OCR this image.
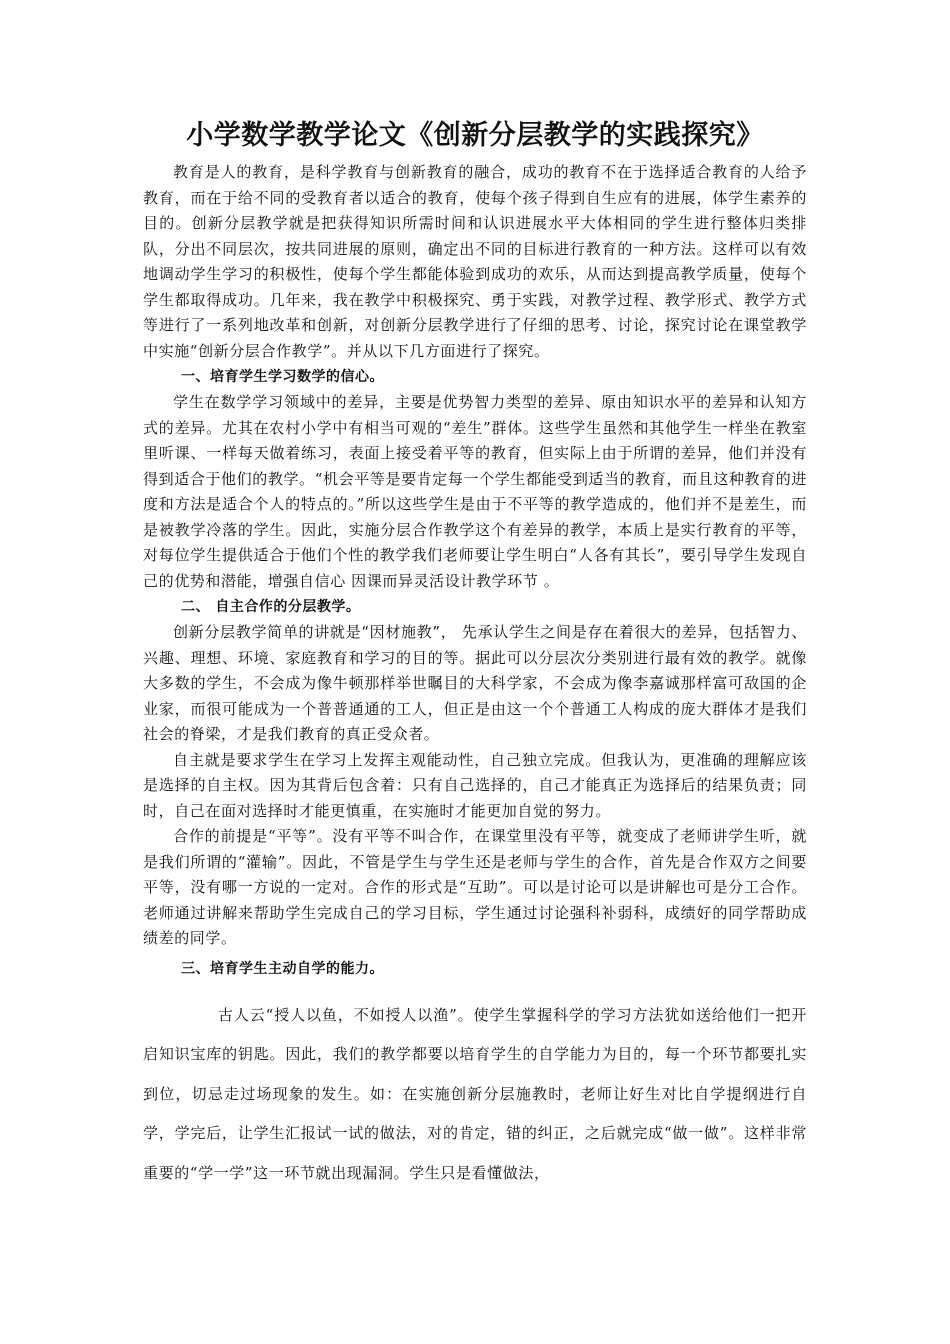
小学数学教学论文《创新分层教学的实践探究》

教育是人的教育，是科学教育与创新教育的融合，成功的教育不在于选择适合教育的人给予教育，而在于给不同的受教育者以适合的教育，使每个孩子得到自生应有的进展，体学生素养的目的。创新分层教学就是把获得知识所需时间和认识进展水平大体相同的学生进行整体归类排队，分出不同层次，按共同进展的原则，确定出不同的目标进行教育的一种方法。这样可以有效地调动学生学习的积极性，使每个学生都能体验到成功的欢乐，从而达到提高教学质量，使每个学生都取得成功。几年来，我在教学中积极探究、勇于实践，对教学过程、教学形式、教学方式等进行了一系列地改革和创新，对创新分层教学进行了仔细的思考、讨论，探究讨论在课堂教学中实施“创新分层合作教学”。并从以下几方面进行了探究。

一、培育学生学习数学的信心。

学生在数学学习领域中的差异，主要是优势智力类型的差异、原由知识水平的差异和认知方式的差异。尤其在农村小学中有相当可观的“差生”群体。这些学生虽然和其他学生一样坐在教室里听课、一样每天做着练习，表面上接受着平等的教育，但实际上由于所谓的差异，他们并没有得到适合于他们的教学。“机会平等是要肯定每一个学生都能受到适当的教育，而且这种教育的进度和方法是适合个人的特点的。”所以这些学生是由于不平等的教学造成的，他们并不是差生，而是被教学冷落的学生。因此，实施分层合作教学这个有差异的教学，本质上是实行教育的平等，对每位学生提供适合于他们个性的教学我们老师要让学生明白“人各有其长”，要引导学生发现自己的优势和潜能，增强自信心 因课而异灵活设计教学环节 。

二、 自主合作的分层教学。

创新分层教学简单的讲就是“因材施教”， 先承认学生之间是存在着很大的差异，包括智力、兴趣、理想、环境、家庭教育和学习的目的等。据此可以分层次分类别进行最有效的教学。就像大多数的学生，不会成为像牛顿那样举世瞩目的大科学家，不会成为像李嘉诚那样富可敌国的企业家，而很可能成为一个普普通通的工人，但正是由这一个个普通工人构成的庞大群体才是我们社会的脊梁，才是我们教育的真正受众者。

自主就是要求学生在学习上发挥主观能动性，自己独立完成。但我认为，更准确的理解应该是选择的自主权。因为其背后包含着：只有自己选择的，自己才能真正为选择后的结果负责；同时，自己在面对选择时才能更慎重，在实施时才能更加自觉的努力。

合作的前提是“平等”。没有平等不叫合作，在课堂里没有平等，就变成了老师讲学生听，就是我们所谓的“灌输”。因此，不管是学生与学生还是老师与学生的合作，首先是合作双方之间要平等，没有哪一方说的一定对。合作的形式是“互助”。可以是讨论可以是讲解也可是分工合作。老师通过讲解来帮助学生完成自己的学习目标，学生通过讨论强科补弱科，成绩好的同学帮助成绩差的同学。

三、培育学生主动自学的能力。

古人云“授人以鱼，不如授人以渔”。使学生掌握科学的学习方法犹如送给他们一把开启知识宝库的钥匙。因此，我们的教学都要以培育学生的自学能力为目的，每一个环节都要扎实到位，切忌走过场现象的发生。如：在实施创新分层施教时，老师让好生对比自学提纲进行自学，学完后，让学生汇报试一试的做法，对的肯定，错的纠正，之后就完成“做一做”。这样非常重要的“学一学”这一环节就出现漏洞。学生只是看懂做法，
